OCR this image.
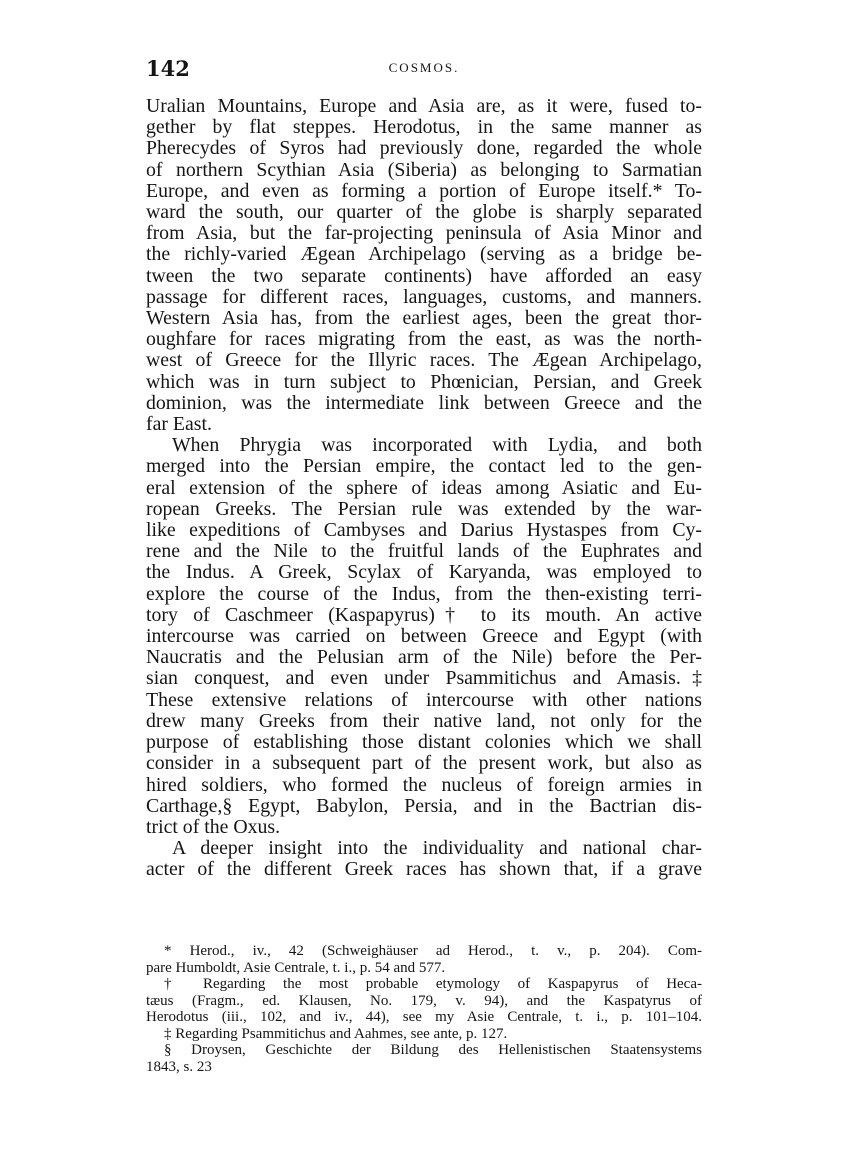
142	COSMOS.
Uralian Mountains, Europe and Asia are, as it were, fused to-
gether by flat steppes. Herodotus, in the same manner as
Pherecydes of Syros had previously done, regarded the whole
of northern Scythian Asia (Siberia) as belonging to Sarmatian
Europe, and even as forming a portion of Europe itself.* To-
ward the south, our quarter of the globe is sharply separated
from Asia, but the far-projecting peninsula of Asia Minor and
the richly-varied Ægean Archipelago (serving as a bridge be-
tween the two separate continents) have afforded an easy
passage for different races, languages, customs, and manners.
Western Asia has, from the earliest ages, been the great thor-
oughfare for races migrating from the east, as was the north-
west of Greece for the Illyric races. The Ægean Archipelago,
which was in turn subject to Phœnician, Persian, and Greek
dominion, was the intermediate link between Greece and the
far East.
When Phrygia was incorporated with Lydia, and both
merged into the Persian empire, the contact led to the gen-
eral extension of the sphere of ideas among Asiatic and Eu-
ropean Greeks. The Persian rule was extended by the war-
like expeditions of Cambyses and Darius Hystaspes from Cy-
rene and the Nile to the fruitful lands of the Euphrates and
the Indus. A Greek, Scylax of Karyanda, was employed to
explore the course of the Indus, from the then-existing terri-
tory of Caschmeer (Kaspapyrus)† to its mouth. An active
intercourse was carried on between Greece and Egypt (with
Naucratis and the Pelusian arm of the Nile) before the Per-
sian conquest, and even under Psammitichus and Amasis.‡
These extensive relations of intercourse with other nations
drew many Greeks from their native land, not only for the
purpose of establishing those distant colonies which we shall
consider in a subsequent part of the present work, but also as
hired soldiers, who formed the nucleus of foreign armies in
Carthage,§ Egypt, Babylon, Persia, and in the Bactrian dis-
trict of the Oxus.
A deeper insight into the individuality and national char-
acter of the different Greek races has shown that, if a grave
* Herod., iv., 42 (Schweighäuser ad Herod., t. v., p. 204). Com-
pare Humboldt, Asie Centrale, t. i., p. 54 and 577.
† Regarding the most probable etymology of Kaspapyrus of Heca-
tæus (Fragm., ed. Klausen, No. 179, v. 94), and the Kaspatyrus of
Herodotus (iii., 102, and iv., 44), see my Asie Centrale, t. i., p. 101–104.
‡ Regarding Psammitichus and Aahmes, see ante, p. 127.
§ Droysen, Geschichte der Bildung des Hellenistischen Staatensystems
1843, s. 23
